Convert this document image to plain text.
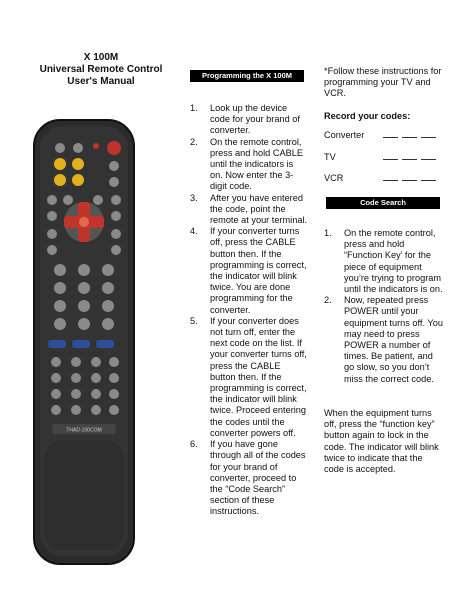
X 100M
Universal Remote Control
User's Manual
THAD-100COM
Programming the X 100M
1. Look up the device code for your brand of converter.
2. On the remote control, press and hold CABLE until the indicators is on. Now enter the 3-digit code.
3. After you have entered the code, point the remote at your terminal.
4. If your converter turns off, press the CABLE button then. If the programming is correct, the indicator will blink twice. You are done programming for the converter.
5. If your converter does not turn off, enter the next code on the list. If your converter turns off, press the CABLE button then. If the programming is correct, the indicator will blink twice. Proceed entering the codes until the converter powers off.
6. If you have gone through all of the codes for your brand of converter, proceed to the “Code Search” section of these instructions.
*Follow these instructions for programming your TV and VCR.
Record your codes:
Converter
TV
VCR
Code Search
1. On the remote control, press and hold “Function Key’ for the piece of equipment you’re trying to program until the indicators is on.
2. Now, repeated press POWER until your equipment turns off. You may need to press POWER a number of times. Be patient, and go slow, so you don’t miss the correct code.
When the equipment turns off, press the “function key” button again to lock in the code. The indicator will blink twice to indicate that the code is accepted.
